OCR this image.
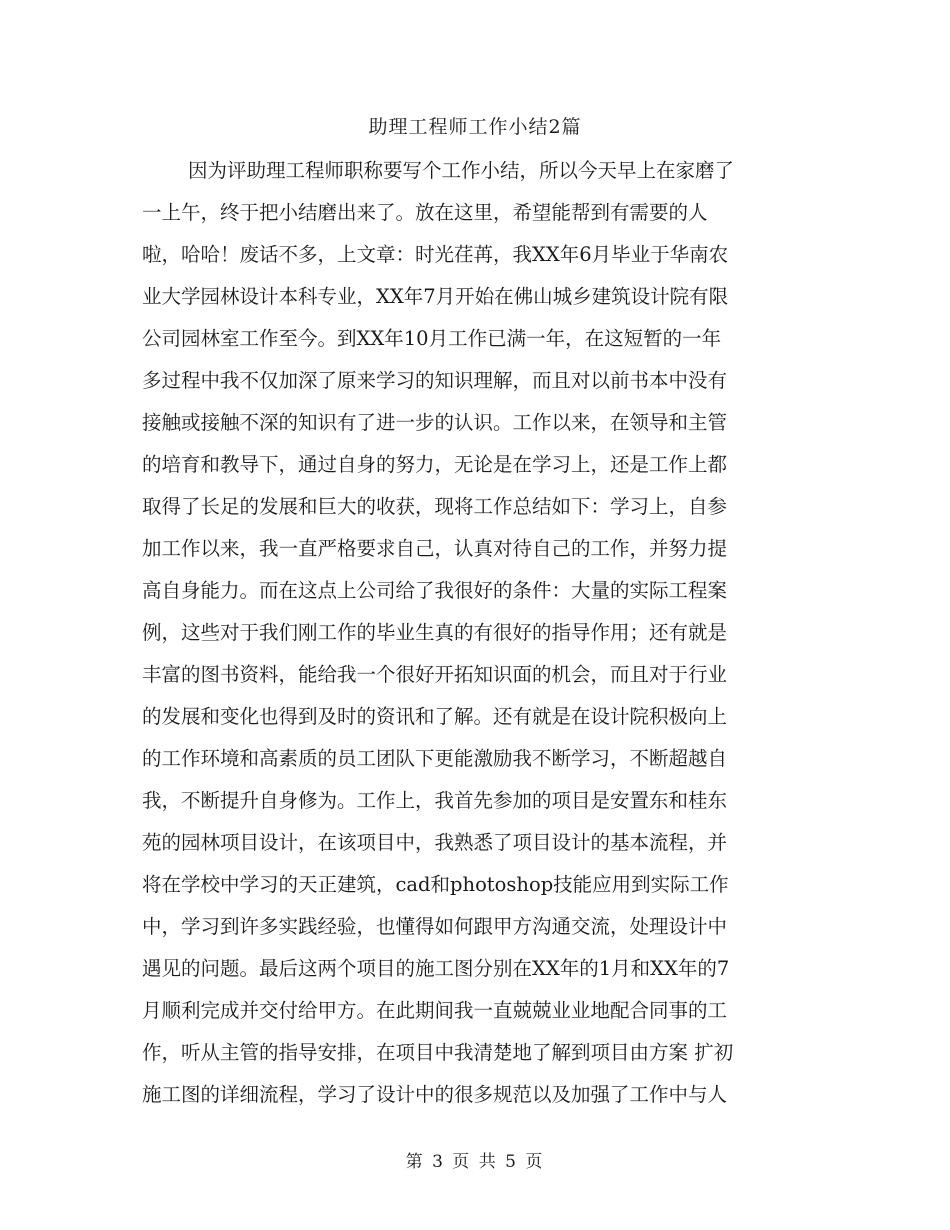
助理工程师工作小结2篇
因为评助理工程师职称要写个工作小结，所以今天早上在家磨了
一上午，终于把小结磨出来了。放在这里，希望能帮到有需要的人
啦，哈哈！废话不多，上文章：时光荏苒，我XX年6月毕业于华南农
业大学园林设计本科专业，XX年7月开始在佛山城乡建筑设计院有限
公司园林室工作至今。到XX年10月工作已满一年，在这短暂的一年
多过程中我不仅加深了原来学习的知识理解，而且对以前书本中没有
接触或接触不深的知识有了进一步的认识。工作以来，在领导和主管
的培育和教导下，通过自身的努力，无论是在学习上，还是工作上都
取得了长足的发展和巨大的收获，现将工作总结如下：学习上，自参
加工作以来，我一直严格要求自己，认真对待自己的工作，并努力提
高自身能力。而在这点上公司给了我很好的条件：大量的实际工程案
例，这些对于我们刚工作的毕业生真的有很好的指导作用；还有就是
丰富的图书资料，能给我一个很好开拓知识面的机会，而且对于行业
的发展和变化也得到及时的资讯和了解。还有就是在设计院积极向上
的工作环境和高素质的员工团队下更能激励我不断学习，不断超越自
我，不断提升自身修为。工作上，我首先参加的项目是安置东和桂东
苑的园林项目设计，在该项目中，我熟悉了项目设计的基本流程，并
将在学校中学习的天正建筑，cad和photoshop技能应用到实际工作
中，学习到许多实践经验，也懂得如何跟甲方沟通交流，处理设计中
遇见的问题。最后这两个项目的施工图分别在XX年的1月和XX年的7
月顺利完成并交付给甲方。在此期间我一直兢兢业业地配合同事的工
作，听从主管的指导安排，在项目中我清楚地了解到项目由方案 扩初
施工图的详细流程，学习了设计中的很多规范以及加强了工作中与人
第 3 页 共 5 页
